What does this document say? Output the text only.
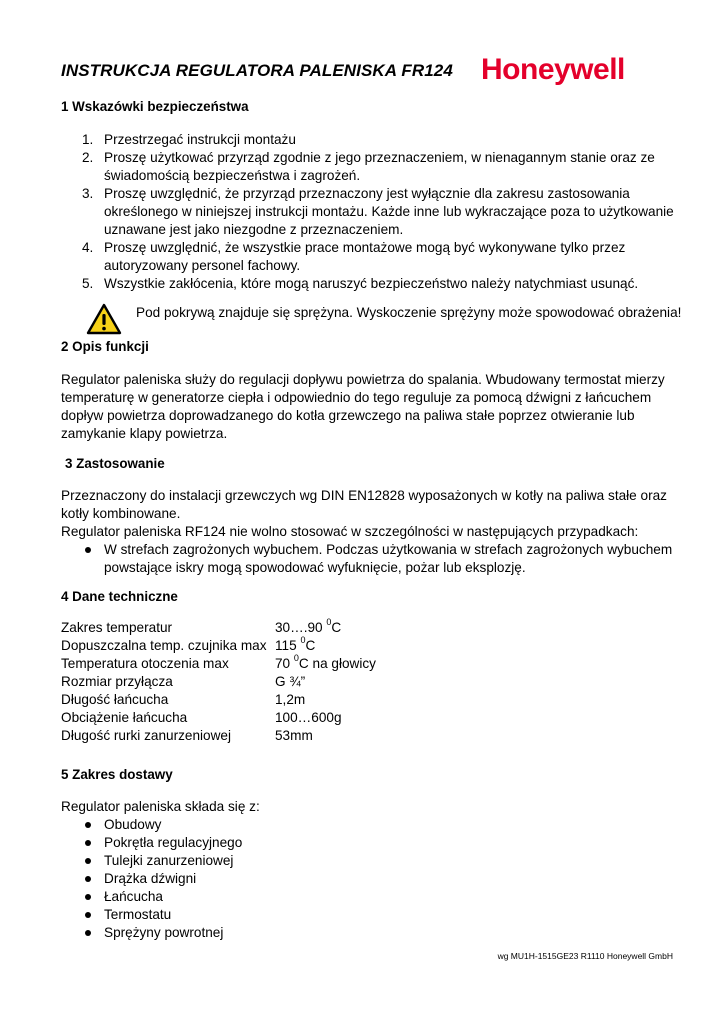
INSTRUKCJA REGULATORA PALENISKA FR124 Honeywell
1 Wskazówki bezpieczeństwa
1. Przestrzegać instrukcji montażu
2. Proszę użytkować przyrząd zgodnie z jego przeznaczeniem, w nienagannym stanie oraz ze
świadomością bezpieczeństwa i zagrożeń.
3. Proszę uwzględnić, że przyrząd przeznaczony jest wyłącznie dla zakresu zastosowania
określonego w niniejszej instrukcji montażu. Każde inne lub wykraczające poza to użytkowanie
uznawane jest jako niezgodne z przeznaczeniem.
4. Proszę uwzględnić, że wszystkie prace montażowe mogą być wykonywane tylko przez
autoryzowany personel fachowy.
5. Wszystkie zakłócenia, które mogą naruszyć bezpieczeństwo należy natychmiast usunąć.
Pod pokrywą znajduje się sprężyna. Wyskoczenie sprężyny może spowodować obrażenia!
2 Opis funkcji
Regulator paleniska służy do regulacji dopływu powietrza do spalania. Wbudowany termostat mierzy
temperaturę w generatorze ciepła i odpowiednio do tego reguluje za pomocą dźwigni z łańcuchem
dopływ powietrza doprowadzanego do kotła grzewczego na paliwa stałe poprzez otwieranie lub
zamykanie klapy powietrza.
3 Zastosowanie
Przeznaczony do instalacji grzewczych wg DIN EN12828 wyposażonych w kotły na paliwa stałe oraz
kotły kombinowane.
Regulator paleniska RF124 nie wolno stosować w szczególności w następujących przypadkach:
W strefach zagrożonych wybuchem. Podczas użytkowania w strefach zagrożonych wybuchem
powstające iskry mogą spowodować wyfuknięcie, pożar lub eksplozję.
4 Dane techniczne
Zakres temperatur	30….90 $^0$C
Dopuszczalna temp. czujnika max	115 $^0$C
Temperatura otoczenia max	70 $^0$C na głowicy
Rozmiar przyłącza	G ¾”
Długość łańcucha	1,2m
Obciążenie łańcucha	100…600g
Długość rurki zanurzeniowej	53mm
5 Zakres dostawy
Regulator paleniska składa się z:
Obudowy
Pokrętła regulacyjnego
Tulejki zanurzeniowej
Drążka dźwigni
Łańcucha
Termostatu
Sprężyny powrotnej
wg MU1H-1515GE23 R1110 Honeywell GmbH
